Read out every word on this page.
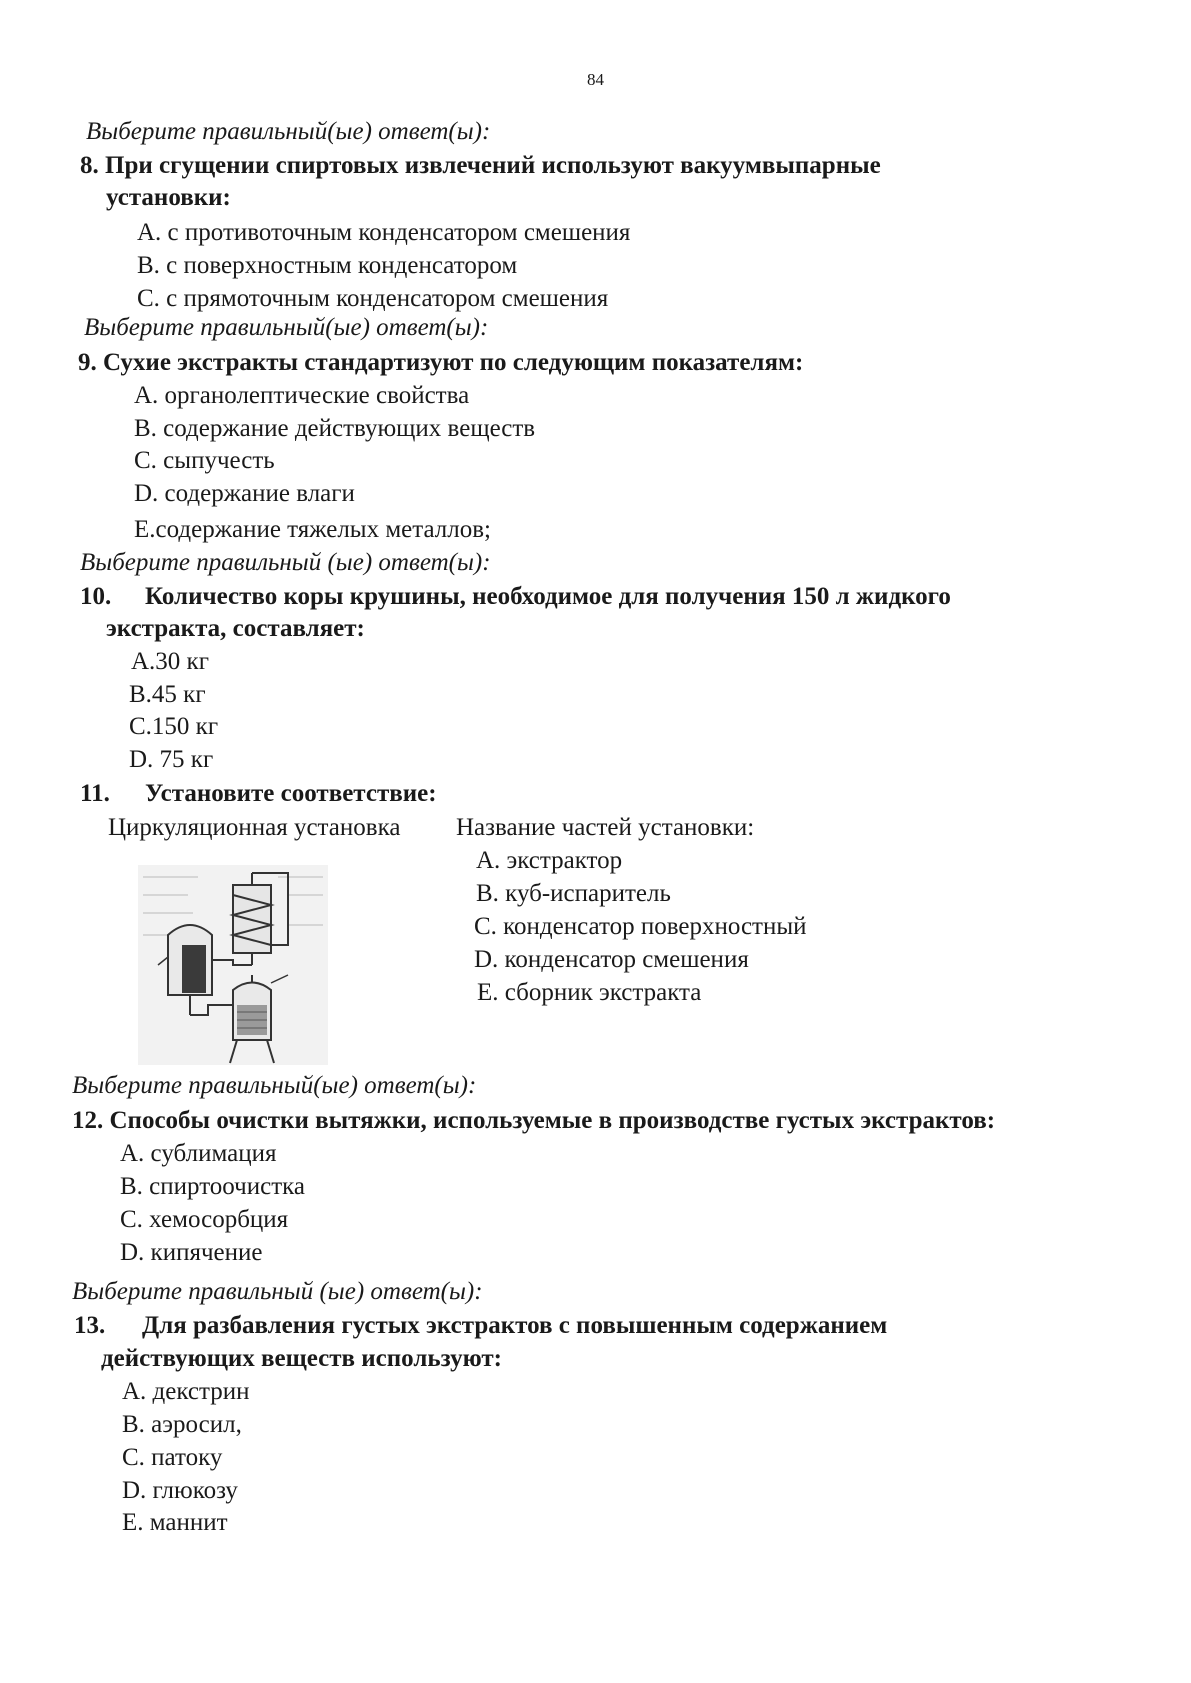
84
Выберите правильный(ые) ответ(ы):
8. При сгущении спиртовых извлечений используют вакуумвыпарные
установки:
A. с противоточным конденсатором смешения
B. с поверхностным конденсатором
C. с прямоточным конденсатором смешения
Выберите правильный(ые) ответ(ы):
9. Сухие экстракты стандартизуют по следующим показателям:
A. органолептические свойства
B. содержание действующих веществ
C. сыпучесть
D. содержание влаги
E.содержание тяжелых металлов;
Выберите правильный (ые) ответ(ы):
10. Количество коры крушины, необходимое для получения 150 л жидкого
экстракта, составляет:
A.30 кг
B.45 кг
C.150 кг
D. 75 кг
11. Установите соответствие:
Циркуляционная установка Название частей установки:
A. экстрактор
B. куб-испаритель
C. конденсатор поверхностный
D. конденсатор смешения
E. сборник экстракта
Выберите правильный(ые) ответ(ы):
12. Способы очистки вытяжки, используемые в производстве густых экстрактов:
A. сублимация
B. спиртоочистка
C. хемосорбция
D. кипячение
Выберите правильный (ые) ответ(ы):
13. Для разбавления густых экстрактов с повышенным содержанием
действующих веществ используют:
A. декстрин
B. аэросил,
C. патоку
D. глюкозу
E. маннит
